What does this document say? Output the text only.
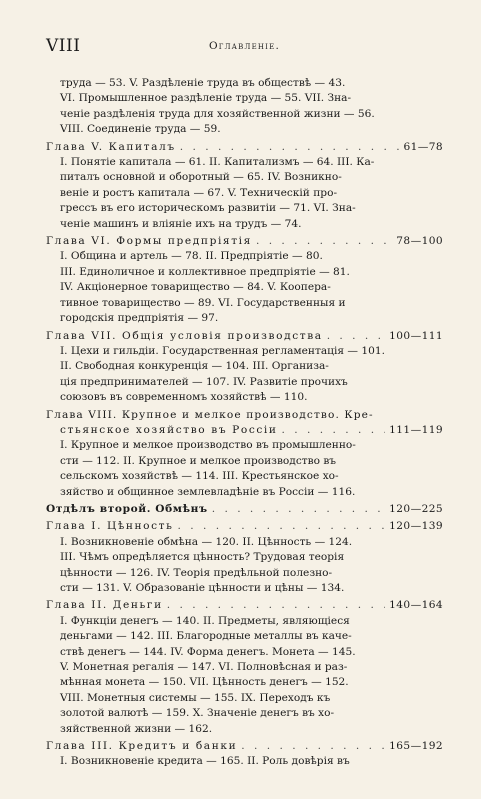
VIII	Оглавленіе.
труда — 53. V. Раздѣленіе труда въ обществѣ — 43.
VI. Промышленное раздѣленіе труда — 55. VII. Зна-
ченіе раздѣленія труда для хозяйственной жизни — 56.
VIII. Соединеніе труда — 59.
Глава V. Капиталъ . . .	61—78
I. Понятіе капитала — 61. II. Капитализмъ — 64. III. Ка-
питалъ основной и оборотный — 65. IV. Возникно-
веніе и ростъ капитала — 67. V. Техническій про-
грессъ въ его историческомъ развитіи — 71. VI. Зна-
ченіе машинъ и вліяніе ихъ на трудъ — 74.
Глава VI. Формы предпріятія . . .	78—100
I. Община и артель — 78. II. Предпріятіе — 80.
III. Единоличное и коллективное предпріятіе — 81.
IV. Акціонерное товарищество — 84. V. Коопера-
тивное товарищество — 89. VI. Государственныя и
городскія предпріятія — 97.
Глава VII. Общія условія производства . . .	100—111
I. Цехи и гильдіи. Государственная регламентація — 101.
II. Свободная конкуренція — 104. III. Организа-
ція предпринимателей — 107. IV. Развитіе прочихъ
союзовъ въ современномъ хозяйствѣ — 110.
Глава VIII. Крупное и мелкое производство. Кре-
стьянское хозяйство въ Россіи . . .	111—119
I. Крупное и мелкое производство въ промышленно-
сти — 112. II. Крупное и мелкое производство въ
сельскомъ хозяйствѣ — 114. III. Крестьянское хо-
зяйство и общинное землевладѣніе въ Россіи — 116.
Отдѣлъ второй. Обмѣнъ . . .	120—225
Глава I. Цѣнность . . .	120—139
I. Возникновеніе обмѣна — 120. II. Цѣнность — 124.
III. Чѣмъ опредѣляется цѣнность? Трудовая теорія
цѣнности — 126. IV. Теорія предѣльной полезно-
сти — 131. V. Образованіе цѣнности и цѣны — 134.
Глава II. Деньги . . .	140—164
I. Функціи денегъ — 140. II. Предметы, являющіеся
деньгами — 142. III. Благородные металлы въ каче-
ствѣ денегъ — 144. IV. Форма денегъ. Монета — 145.
V. Монетная регалія — 147. VI. Полновѣсная и раз-
мѣнная монета — 150. VII. Цѣнность денегъ — 152.
VIII. Монетныя системы — 155. IX. Переходъ къ
золотой валютѣ — 159. X. Значеніе денегъ въ хо-
зяйственной жизни — 162.
Глава III. Кредитъ и банки . . .	165—192
I. Возникновеніе кредита — 165. II. Роль довѣрія въ
